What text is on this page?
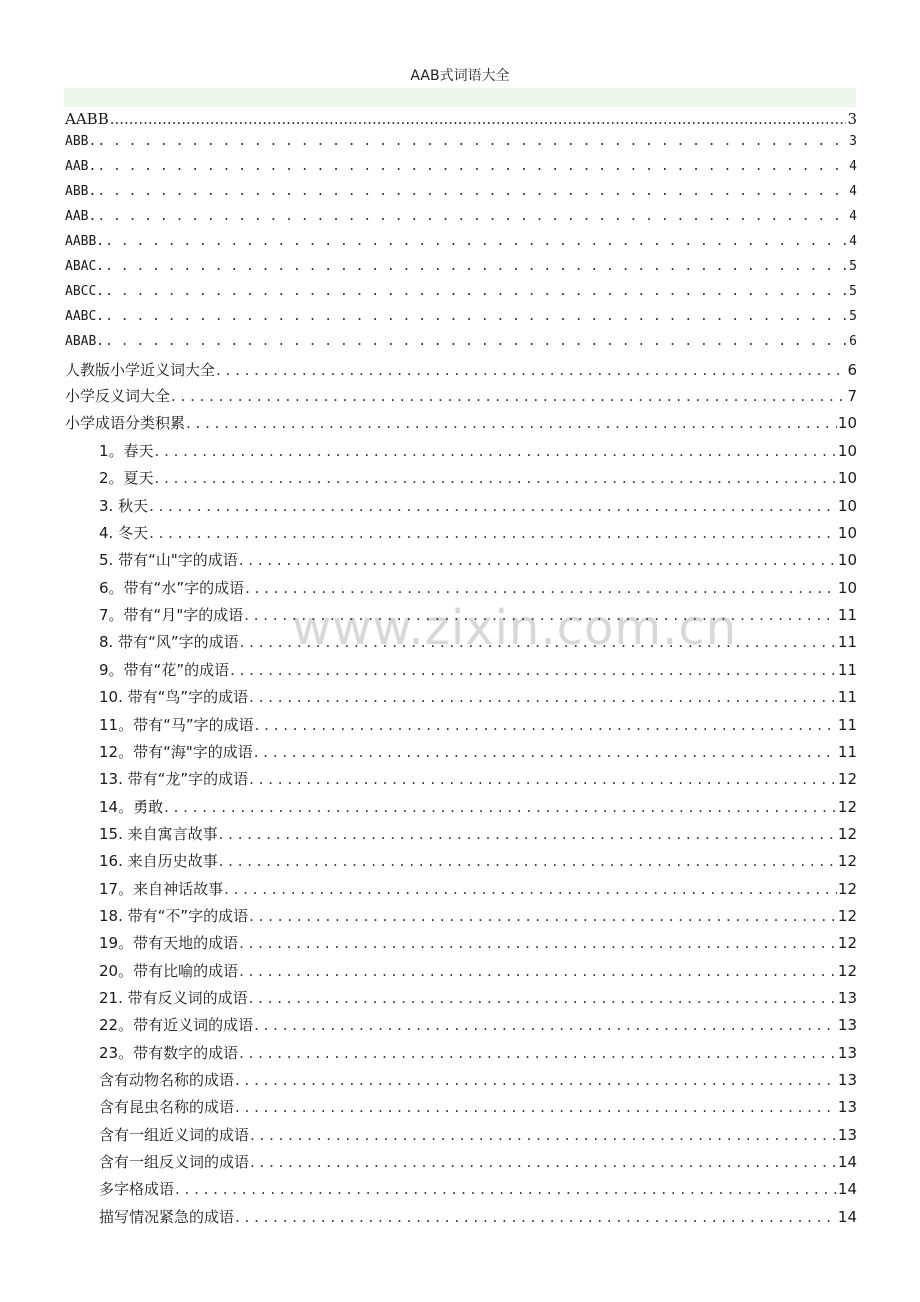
AAB式词语大全
www.zixin.com.cn
AABB .....	3
ABB. . . .	3
AAB. . . .	4
ABB. . . .	4
AAB. . . .	4
AABB. . . .	4
ABAC. . . .	5
ABCC. . . .	5
AABC. . . .	5
ABAB. . . .	6
人教版小学近义词大全 . . .	6
小学反义词大全 . . .	7
小学成语分类积累 . . .	10
1。春天 . . .	10
2。夏天 . . .	10
3. 秋天 . . .	10
4. 冬天 . . .	10
5. 带有“山"字的成语 . . .	10
6。带有“水”字的成语 . . .	10
7。带有“月"字的成语 . . .	11
8. 带有“风”字的成语 . . .	11
9。带有“花”的成语 . . .	11
10. 带有“鸟”字的成语 . . .	11
11。带有“马”字的成语 . . .	11
12。带有“海"字的成语 . . .	11
13. 带有“龙”字的成语 . . .	12
14。勇敢 . . .	12
15. 来自寓言故事 . . .	12
16. 来自历史故事 . . .	12
17。来自神话故事 . . .	12
18. 带有“不”字的成语 . . .	12
19。带有天地的成语 . . .	12
20。带有比喻的成语 . . .	12
21. 带有反义词的成语 . . .	13
22。带有近义词的成语 . . .	13
23。带有数字的成语 . . .	13
含有动物名称的成语 . . .	13
含有昆虫名称的成语 . . .	13
含有一组近义词的成语 . . .	13
含有一组反义词的成语 . . .	14
多字格成语 . . .	14
描写情况紧急的成语 . . .	14
